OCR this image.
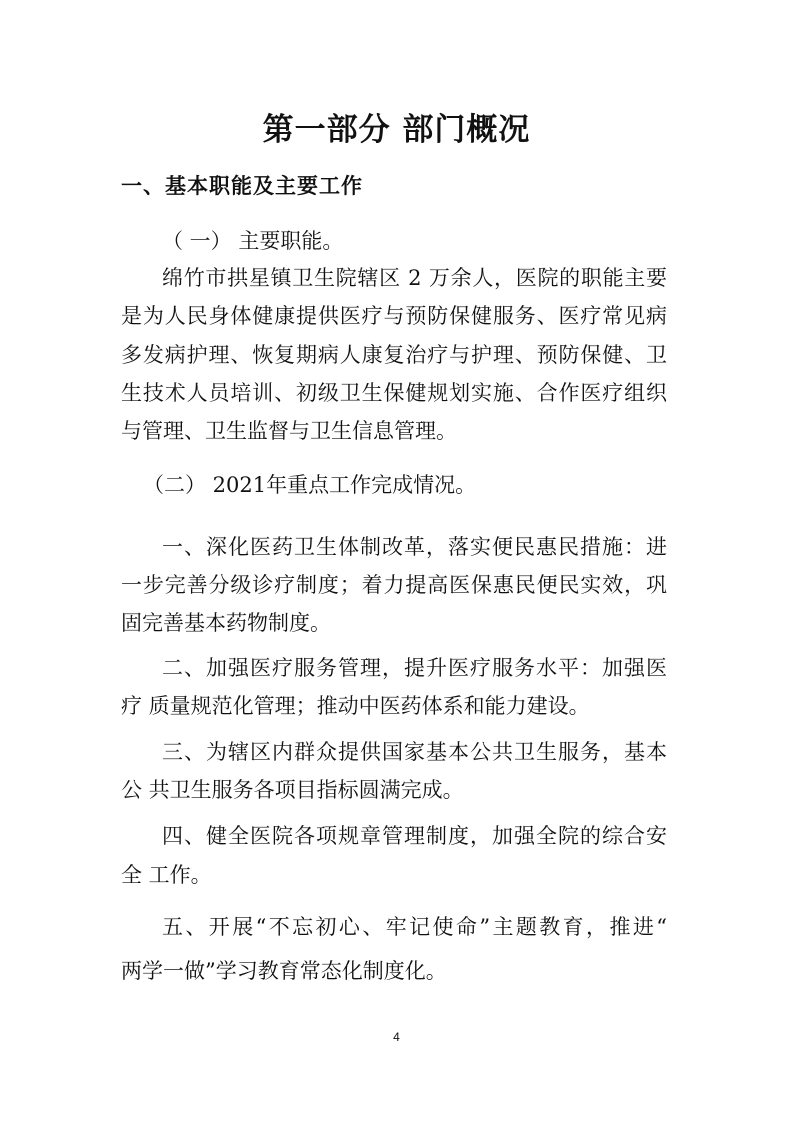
第一部分 部门概况
一、基本职能及主要工作
（ 一） 主要职能。
绵竹市拱星镇卫生院辖区 2 万余人，医院的职能主要
是为人民身体健康提供医疗与预防保健服务、医疗常见病
多发病护理、恢复期病人康复治疗与护理、预防保健、卫
生技术人员培训、初级卫生保健规划实施、合作医疗组织
与管理、卫生监督与卫生信息管理。
（二） 2021年重点工作完成情况。
一、深化医药卫生体制改革，落实便民惠民措施：进
一步完善分级诊疗制度；着力提高医保惠民便民实效，巩
固完善基本药物制度。
二、加强医疗服务管理，提升医疗服务水平：加强医
疗 质量规范化管理；推动中医药体系和能力建设。
三、为辖区内群众提供国家基本公共卫生服务，基本
公 共卫生服务各项目指标圆满完成。
四、健全医院各项规章管理制度，加强全院的综合安
全 工作。
五、开展“不忘初心、牢记使命”主题教育，推进“
两学一做”学习教育常态化制度化。
4
